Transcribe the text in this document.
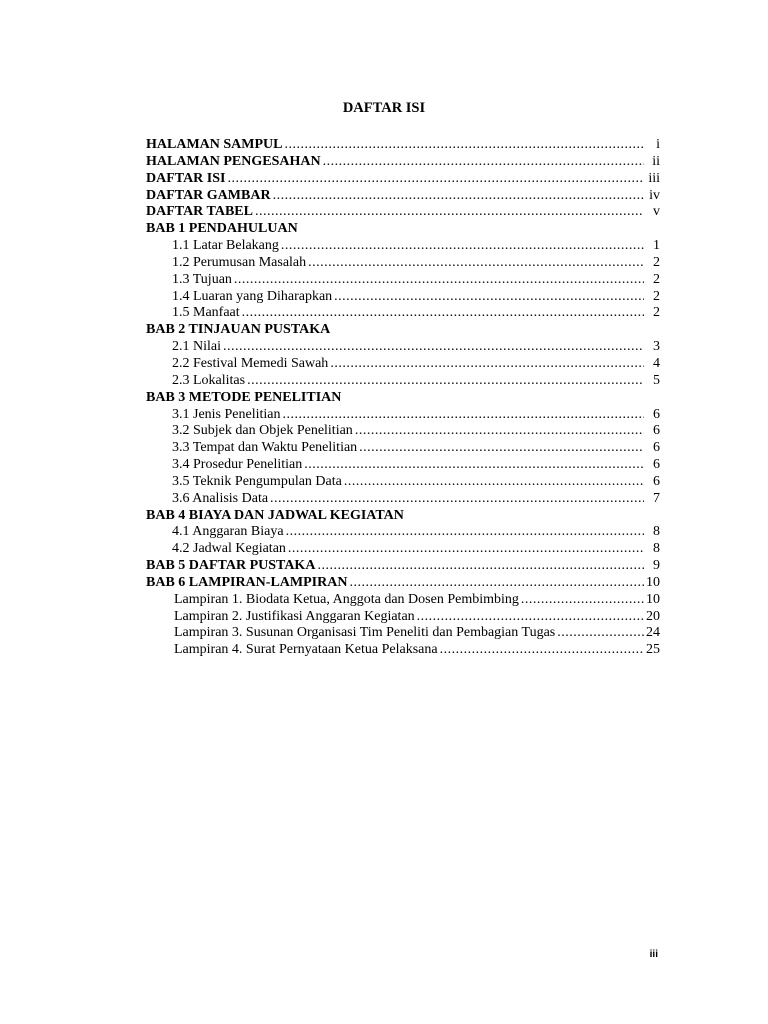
DAFTAR ISI
HALAMAN SAMPUL .....	i
HALAMAN PENGESAHAN .....	ii
DAFTAR ISI .....	iii
DAFTAR GAMBAR .....	iv
DAFTAR TABEL .....	v
BAB 1 PENDAHULUAN
1.1 Latar Belakang .....	1
1.2 Perumusan Masalah .....	2
1.3 Tujuan .....	2
1.4 Luaran yang Diharapkan .....	2
1.5 Manfaat .....	2
BAB 2 TINJAUAN PUSTAKA
2.1 Nilai .....	3
2.2 Festival Memedi Sawah .....	4
2.3 Lokalitas .....	5
BAB 3 METODE PENELITIAN
3.1 Jenis Penelitian .....	6
3.2 Subjek dan Objek Penelitian .....	6
3.3 Tempat dan Waktu Penelitian .....	6
3.4 Prosedur Penelitian .....	6
3.5 Teknik Pengumpulan Data .....	6
3.6 Analisis Data .....	7
BAB 4 BIAYA DAN JADWAL KEGIATAN
4.1 Anggaran Biaya .....	8
4.2 Jadwal Kegiatan .....	8
BAB 5 DAFTAR PUSTAKA .....	9
BAB 6 LAMPIRAN-LAMPIRAN .....	10
Lampiran 1. Biodata Ketua, Anggota dan Dosen Pembimbing .....	10
Lampiran 2. Justifikasi Anggaran Kegiatan .....	20
Lampiran 3. Susunan Organisasi Tim Peneliti dan Pembagian Tugas .....	24
Lampiran 4. Surat Pernyataan Ketua Pelaksana .....	25
iii
